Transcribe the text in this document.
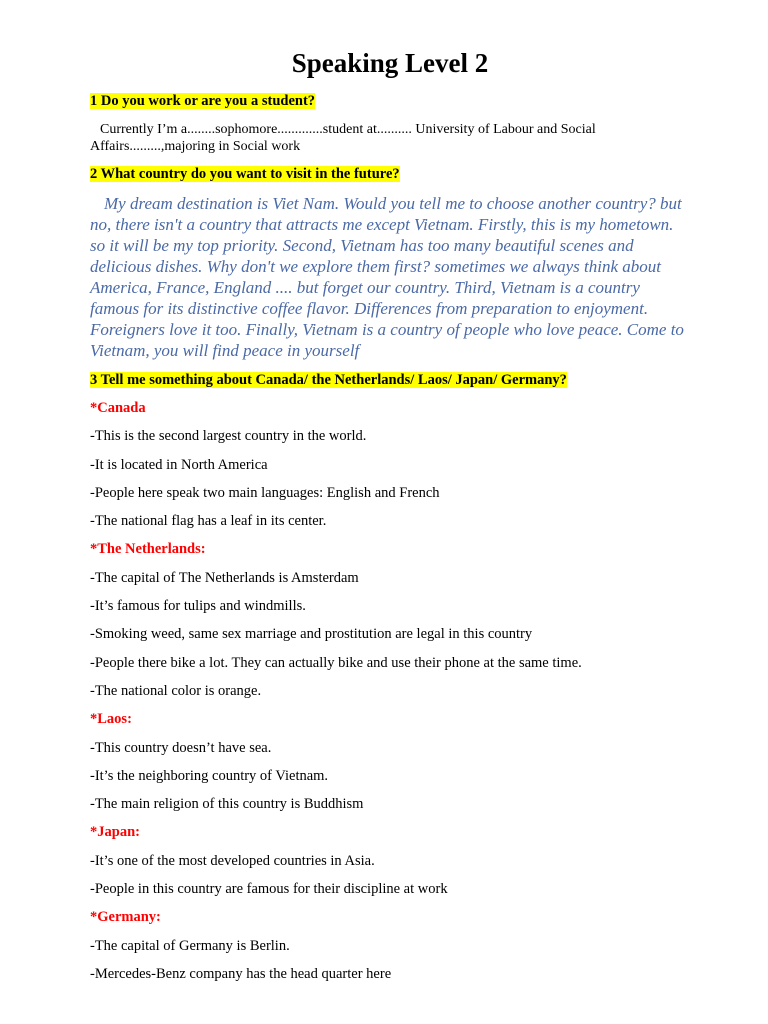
Speaking Level 2

1 Do you work or are you a student?

Currently I’m a........sophomore.............student at.......... University of Labour and Social Affairs.........,majoring in Social work

2 What country do you want to visit in the future?

My dream destination is Viet Nam. Would you tell me to choose another country? but no, there isn't a country that attracts me except Vietnam. Firstly, this is my hometown. so it will be my top priority. Second, Vietnam has too many beautiful scenes and delicious dishes. Why don't we explore them first? sometimes we always think about America, France, England .... but forget our country. Third, Vietnam is a country famous for its distinctive coffee flavor. Differences from preparation to enjoyment. Foreigners love it too. Finally, Vietnam is a country of people who love peace. Come to Vietnam, you will find peace in yourself

3 Tell me something about Canada/ the Netherlands/ Laos/ Japan/ Germany?

*Canada

-This is the second largest country in the world.

-It is located in North America

-People here speak two main languages: English and French

-The national flag has a leaf in its center.

*The Netherlands:

-The capital of The Netherlands is Amsterdam

-It’s famous for tulips and windmills.

-Smoking weed, same sex marriage and prostitution are legal in this country

-People there bike a lot. They can actually bike and use their phone at the same time.

-The national color is orange.

*Laos:

-This country doesn’t have sea.

-It’s the neighboring country of Vietnam.

-The main religion of this country is Buddhism

*Japan:

-It’s one of the most developed countries in Asia.

-People in this country are famous for their discipline at work

*Germany:

-The capital of Germany is Berlin.

-Mercedes-Benz company has the head quarter here
